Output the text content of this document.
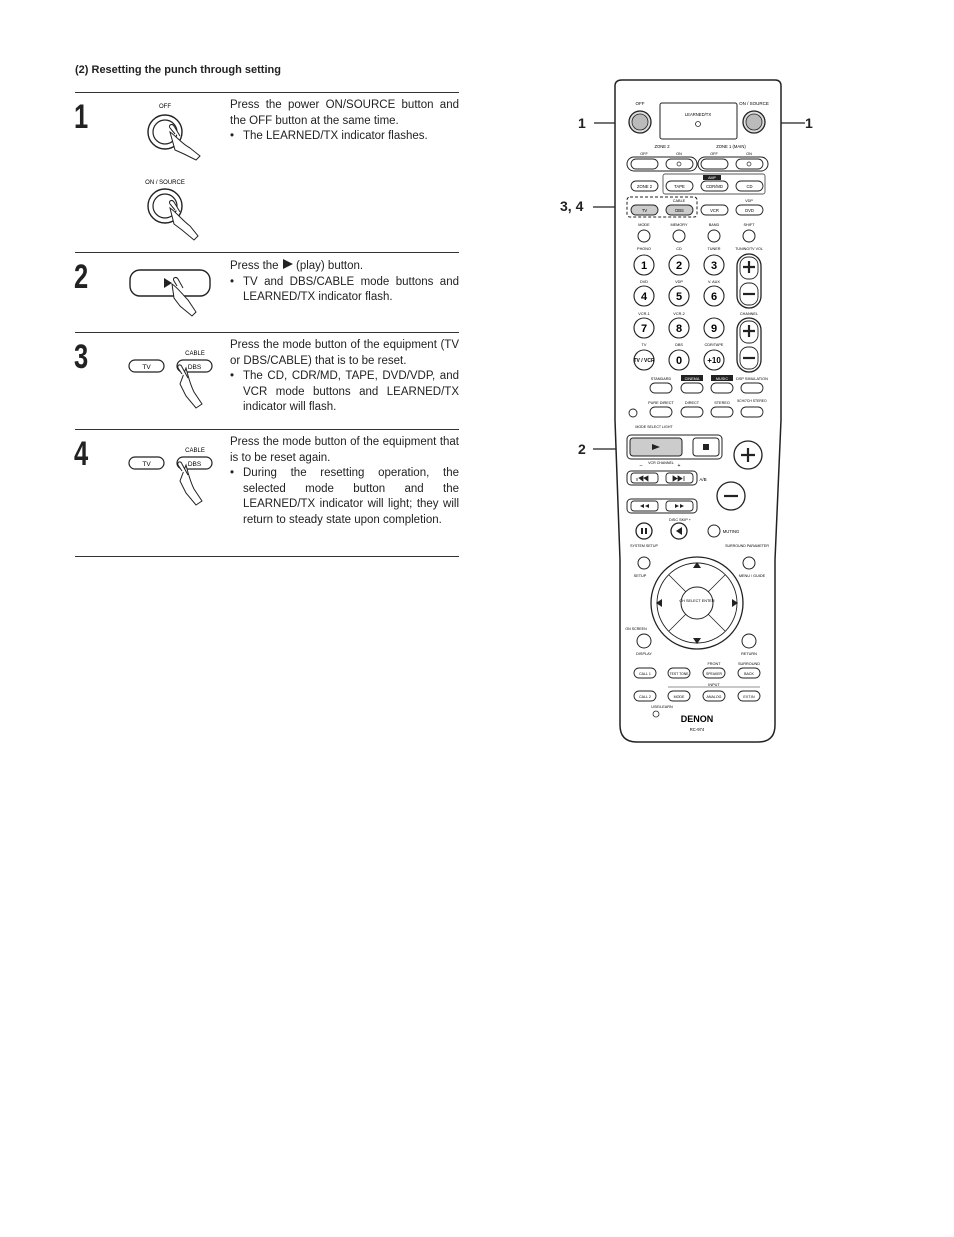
(2) Resetting the punch through setting
1	OFF
ON / SOURCE

Press the power ON/SOURCE button and the OFF button at the same time.

• The LEARNED/TX indicator flashes.
2	Press the (play) button.

• TV and DBS/CABLE mode buttons and LEARNED/TX indicator flash.
3	TV
CABLE
DBS

Press the mode button of the equipment (TV or DBS/CABLE) that is to be reset.

• The CD, CDR/MD, TAPE, DVD/VDP, and VCR mode buttons and LEARNED/TX indicator will flash.
4	TV
CABLE
DBS

Press the mode button of the equipment that is to be reset again.

• During the resetting operation, the selected mode button and the LEARNED/TX indicator will light; they will return to steady state upon completion.
1	1
3, 4
2
OFF
LEARNED/TX
ON / SOURCE
ZONE 2	ZONE 1 (MAIN)
OFF	ON	OFF	ON
AMP
ZONE 2	TAPE	CDR/MD	CD
CABLE	VDP
TV	DBS	VCR	DVD
MODE	MEMORY	BAND	SHIFT
PHONO	CD	TUNER	TUNING/TV VOL
1	2	3
DVD	VDP	V. AUX
4	5	6
VCR-1	VCR-2	CHANNEL
7	8	9
TV	DBS	CDR/TAPE
TV / VCR 0	+10
STANDARD	CINEMA	MUSIC DSP SIMULATION
PURE DIRECT	DIRECT	STEREO 5CH/7CH STEREO
MODE SELECT LIGHT
– VCR CHANNEL +
A/B
DISC SKIP +
MUTING
SYSTEM SETUP	SURROUND PARAMETER
SETUP	MENU / GUIDE
CH SELECT ENTER
ON SCREEN
DISPLAY	RETURN
FRONT	SURROUND
CALL 1	TEST TONE	SPEAKER	BACK
INPUT
CALL 2	MODE	ANALOG	EXT.IN
USE/LEARN
DENON
RC-974
